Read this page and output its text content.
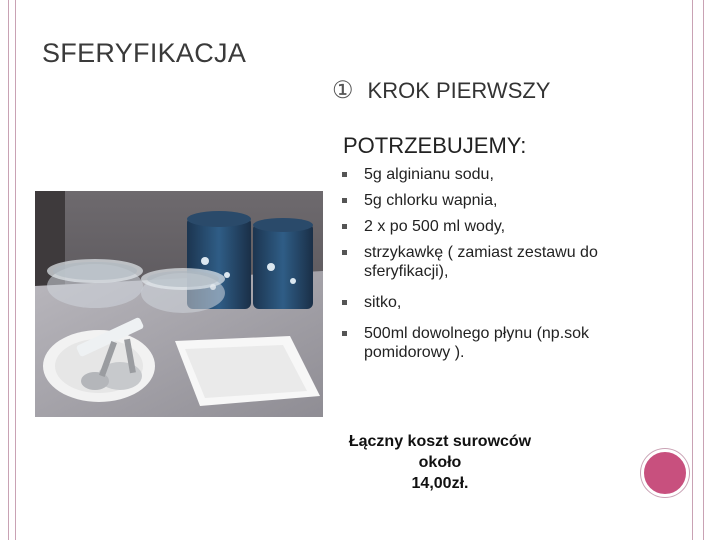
SFERYFIKACJA
① KROK PIERWSZY
POTRZEBUJEMY:
5g alginianu sodu,
5g chlorku wapnia,
2 x po 500 ml wody,
strzykawkę ( zamiast zestawu do sferyfikacji),
sitko,
500ml dowolnego płynu (np.sok pomidorowy ).
Łączny koszt surowców około
14,00zł.
